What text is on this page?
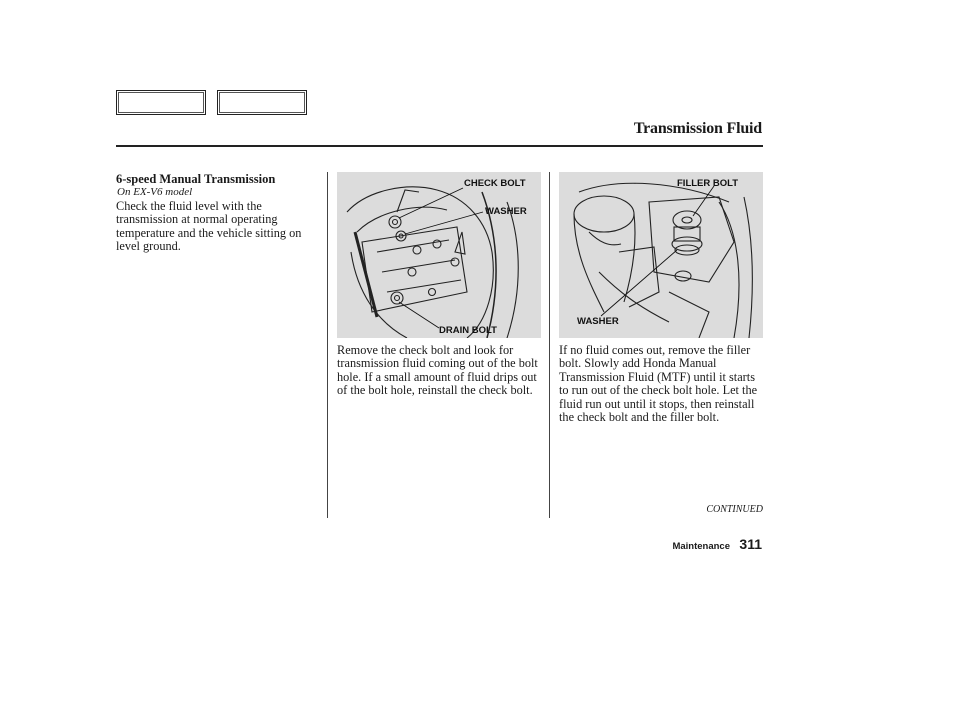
Transmission Fluid
6-speed Manual Transmission
On EX-V6 model
Check the fluid level with the transmission at normal operating temperature and the vehicle sitting on level ground.
CHECK BOLT
WASHER
DRAIN BOLT
FILLER BOLT
WASHER
Remove the check bolt and look for transmission fluid coming out of the bolt hole. If a small amount of fluid drips out of the bolt hole, reinstall the check bolt.
If no fluid comes out, remove the filler bolt. Slowly add Honda Manual Transmission Fluid (MTF) until it starts to run out of the check bolt hole. Let the fluid run out until it stops, then reinstall the check bolt and the filler bolt.
CONTINUED
Maintenance 311
